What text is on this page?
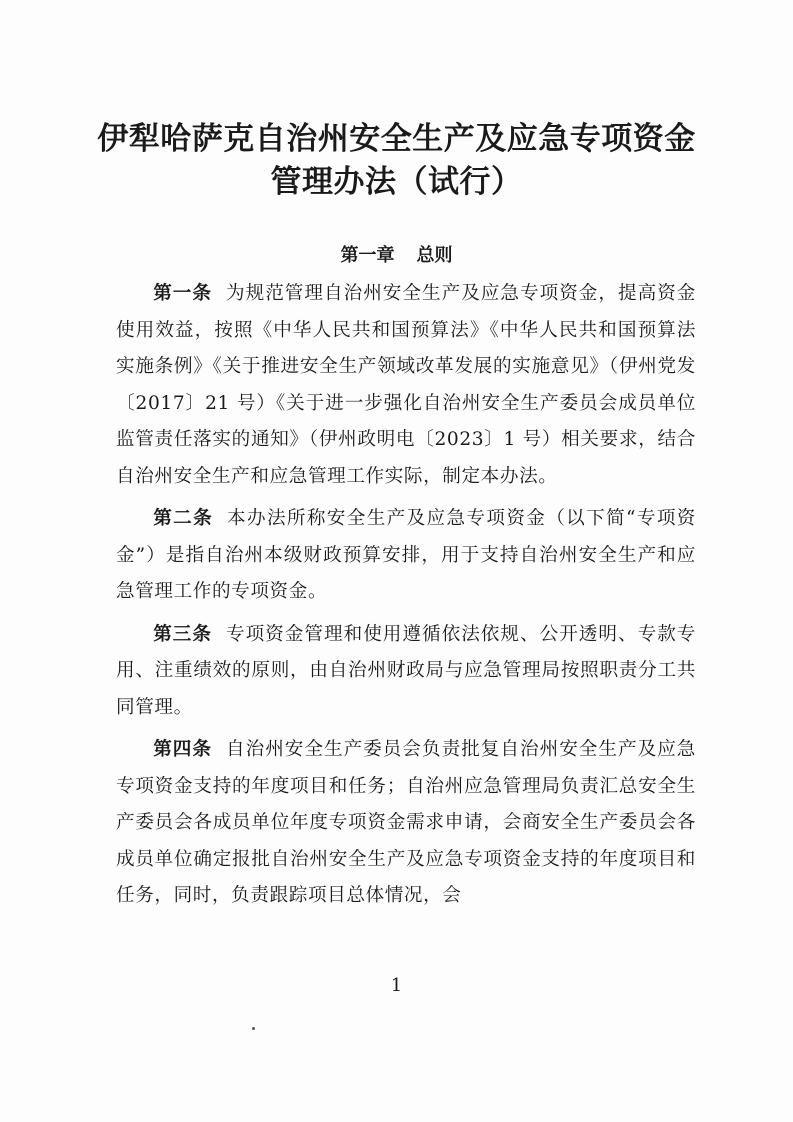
伊犁哈萨克自治州安全生产及应急专项资金
管理办法（试行）
第一章 总则

第一条 为规范管理自治州安全生产及应急专项资金，提高资金使用效益，按照《中华人民共和国预算法》《中华人民共和国预算法实施条例》《关于推进安全生产领域改革发展的实施意见》（伊州党发〔2017〕21 号）《关于进一步强化自治州安全生产委员会成员单位监管责任落实的通知》（伊州政明电〔2023〕1 号）相关要求，结合自治州安全生产和应急管理工作实际，制定本办法。

第二条 本办法所称安全生产及应急专项资金（以下简“专项资金”）是指自治州本级财政预算安排，用于支持自治州安全生产和应急管理工作的专项资金。

第三条 专项资金管理和使用遵循依法依规、公开透明、专款专用、注重绩效的原则，由自治州财政局与应急管理局按照职责分工共同管理。

第四条 自治州安全生产委员会负责批复自治州安全生产及应急专项资金支持的年度项目和任务；自治州应急管理局负责汇总安全生产委员会各成员单位年度专项资金需求申请，会商安全生产委员会各成员单位确定报批自治州安全生产及应急专项资金支持的年度项目和任务，同时，负责跟踪项目总体情况，会

1
